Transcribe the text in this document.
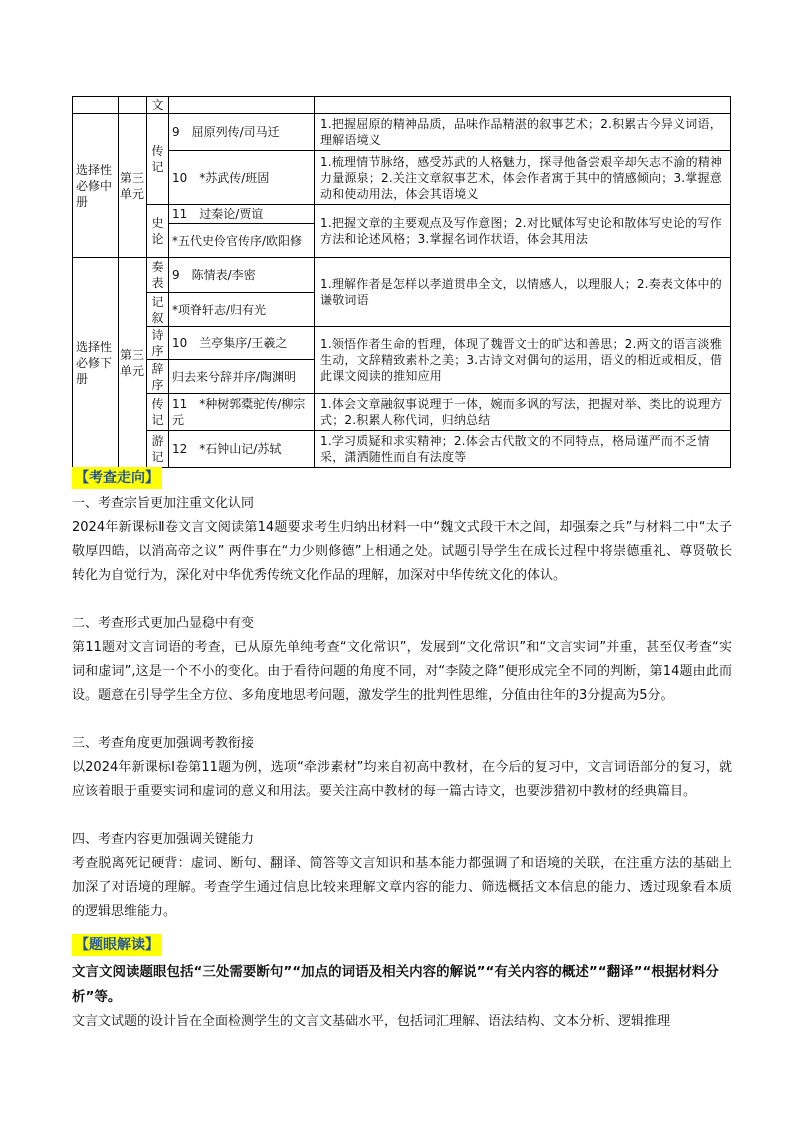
		文		
选择性必修中册	第三单元	传记	9　屈原列传/司马迁	1.把握屈原的精神品质，品味作品精湛的叙事艺术；2.积累古今异义词语，理解语境义
			10　*苏武传/班固	1.梳理情节脉络，感受苏武的人格魅力，探寻他备尝艰辛却矢志不渝的精神力量源泉；2.关注文章叙事艺术，体会作者寓于其中的情感倾向；3.掌握意动和使动用法，体会其语境义
		史论	11　过秦论/贾谊	1.把握文章的主要观点及写作意图；2.对比赋体写史论和散体写史论的写作方法和论述风格；3.掌握名词作状语，体会其用法
			*五代史伶官传序/欧阳修	
选择性必修下册	第三单元	奏表	9　陈情表/李密	1.理解作者是怎样以孝道贯串全文，以情感人，以理服人；2.奏表文体中的谦敬词语
		记叙	*项脊轩志/归有光	
		诗序	10　兰亭集序/王羲之	1.领悟作者生命的哲理，体现了魏晋文士的旷达和善思；2.两文的语言淡雅生动，文辞精致素朴之美；3.古诗文对偶句的运用，语义的相近或相反，借此课文阅读的推知应用
		辞序	归去来兮辞并序/陶渊明	
		传记	11　*种树郭橐驼传/柳宗元	1.体会文章融叙事说理于一体，婉而多讽的写法，把握对举、类比的说理方式；2.积累人称代词，归纳总结
		游记	12　*石钟山记/苏轼	1.学习质疑和求实精神；2.体会古代散文的不同特点，格局谨严而不乏情采，潇洒随性而自有法度等
【考查走向】
一、考查宗旨更加注重文化认同
2024年新课标Ⅱ卷文言文阅读第14题要求考生归纳出材料一中“魏文式段干木之闾，却强秦之兵”与材料二中“太子敬厚四皓，以消高帝之议” 两件事在“力少则修德”上相通之处。试题引导学生在成长过程中将崇德重礼、尊贤敬长转化为自觉行为，深化对中华优秀传统文化作品的理解，加深对中华传统文化的体认。
二、考查形式更加凸显稳中有变
第11题对文言词语的考查，已从原先单纯考查“文化常识”，发展到“文化常识”和“文言实词”并重，甚至仅考查“实词和虚词”,这是一个不小的变化。由于看待问题的角度不同，对“李陵之降”便形成完全不同的判断，第14题由此而设。题意在引导学生全方位、多角度地思考问题，激发学生的批判性思维，分值由往年的3分提高为5分。
三、考查角度更加强调考教衔接
以2024年新课标Ⅰ卷第11题为例，选项“牵涉素材”均来自初高中教材，在今后的复习中，文言词语部分的复习，就应该着眼于重要实词和虚词的意义和用法。要关注高中教材的每一篇古诗文，也要涉猎初中教材的经典篇目。
四、考查内容更加强调关键能力
考查脱离死记硬背：虚词、断句、翻译、简答等文言知识和基本能力都强调了和语境的关联，在注重方法的基础上加深了对语境的理解。考查学生通过信息比较来理解文章内容的能力、筛选概括文本信息的能力、透过现象看本质的逻辑思维能力。
【题眼解读】
文言文阅读题眼包括“三处需要断句”“加点的词语及相关内容的解说”“有关内容的概述”“翻译”“根据材料分析”等。
文言文试题的设计旨在全面检测学生的文言文基础水平，包括词汇理解、语法结构、文本分析、逻辑推理
